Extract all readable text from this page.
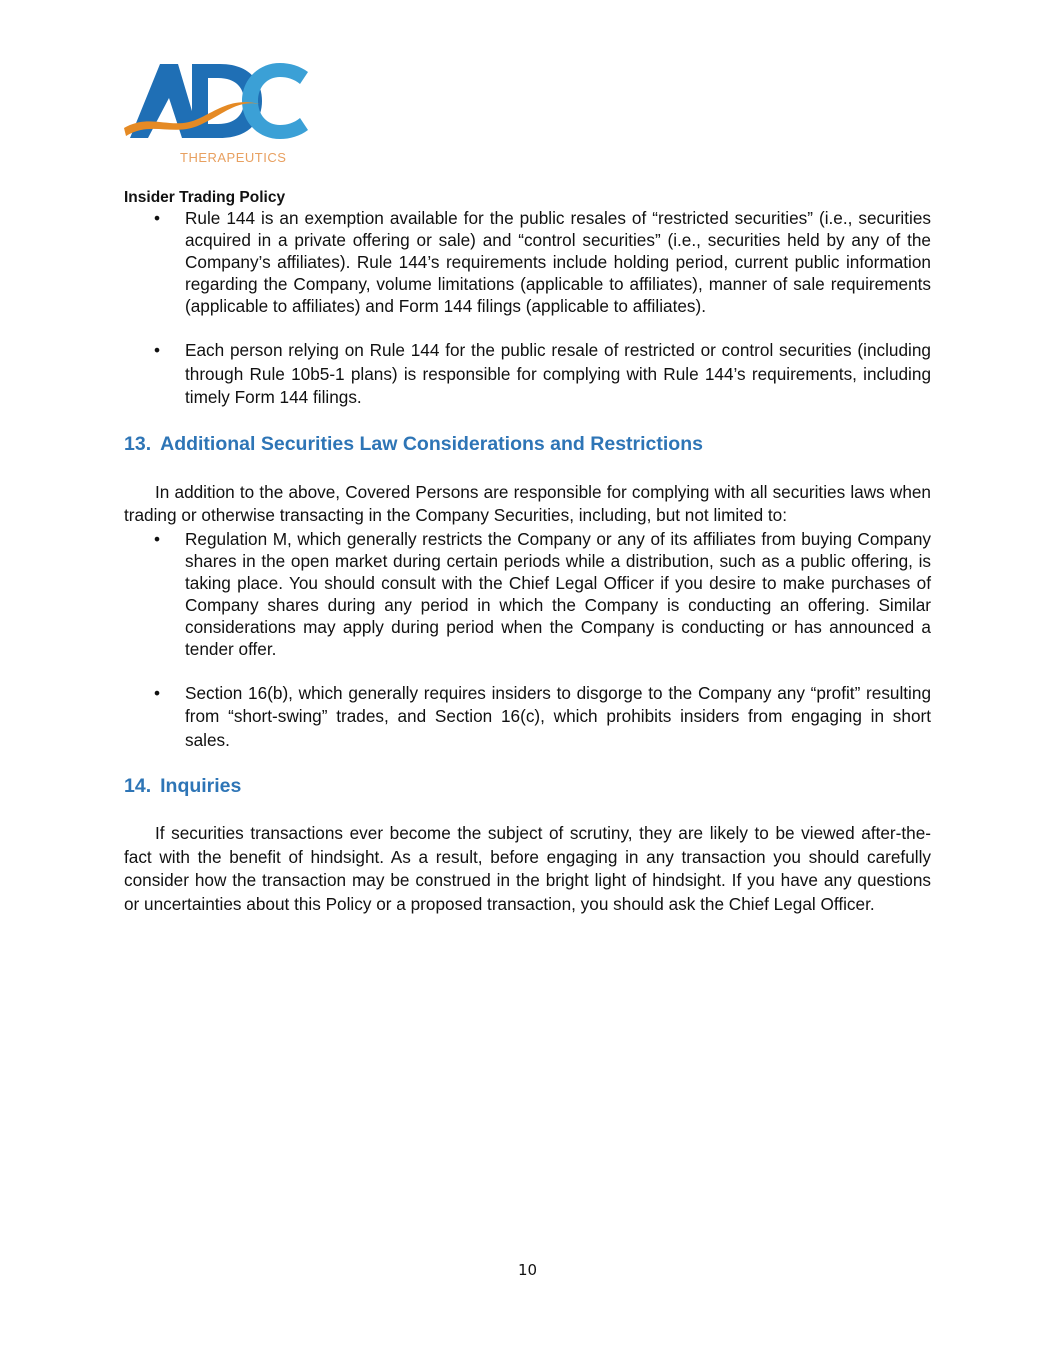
THERAPEUTICS
Insider Trading Policy
• Rule 144 is an exemption available for the public resales of “restricted securities” (i.e., securities acquired in a private offering or sale) and “control securities” (i.e., securities held by any of the Company’s affiliates). Rule 144’s requirements include holding period, current public information regarding the Company, volume limitations (applicable to affiliates), manner of sale requirements (applicable to affiliates) and Form 144 filings (applicable to affiliates).
• Each person relying on Rule 144 for the public resale of restricted or control securities (including through Rule 10b5-1 plans) is responsible for complying with Rule 144’s requirements, including timely Form 144 filings.
13. Additional Securities Law Considerations and Restrictions

In addition to the above, Covered Persons are responsible for complying with all securities laws when trading or otherwise transacting in the Company Securities, including, but not limited to:

• Regulation M, which generally restricts the Company or any of its affiliates from buying Company shares in the open market during certain periods while a distribution, such as a public offering, is taking place. You should consult with the Chief Legal Officer if you desire to make purchases of Company shares during any period in which the Company is conducting an offering. Similar considerations may apply during period when the Company is conducting or has announced a tender offer.
• Section 16(b), which generally requires insiders to disgorge to the Company any “profit” resulting from “short-swing” trades, and Section 16(c), which prohibits insiders from engaging in short sales.
14. Inquiries

If securities transactions ever become the subject of scrutiny, they are likely to be viewed after-the-fact with the benefit of hindsight. As a result, before engaging in any transaction you should carefully consider how the transaction may be construed in the bright light of hindsight. If you have any questions or uncertainties about this Policy or a proposed transaction, you should ask the Chief Legal Officer.

10
